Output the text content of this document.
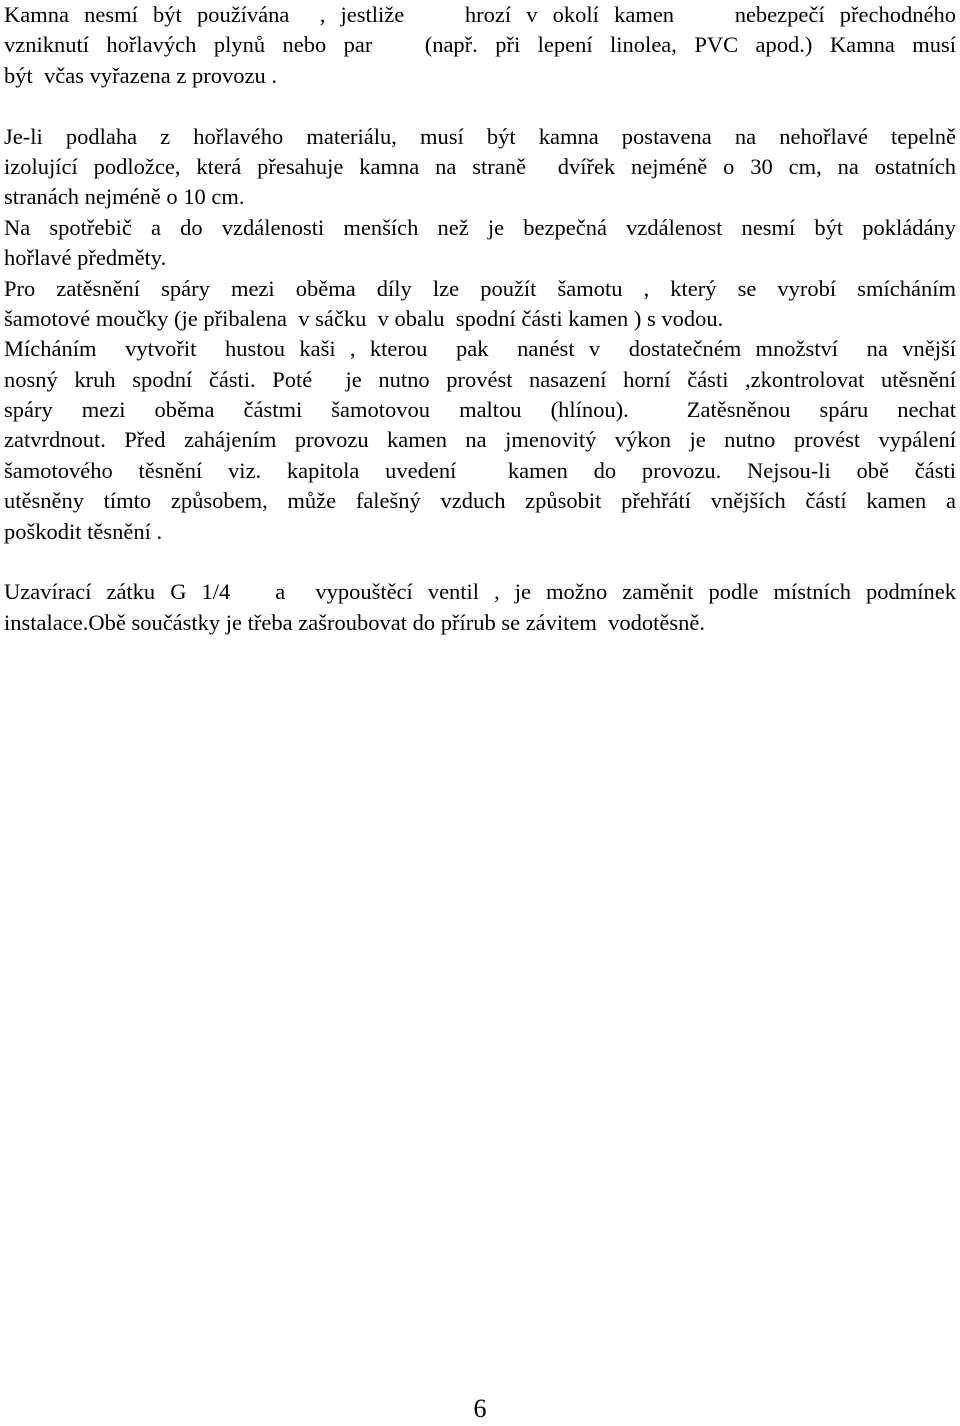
Kamna nesmí být používána  , jestliže    hrozí v okolí kamen    nebezpečí přechodného

vzniknutí hořlavých plynů nebo par   (např. při lepení linolea, PVC apod.) Kamna musí

být  včas vyřazena z provozu .

Je-li podlaha z hořlavého materiálu, musí být kamna postavena na nehořlavé tepelně

izolující podložce, která přesahuje kamna na straně  dvířek nejméně o 30 cm, na ostatních

stranách nejméně o 10 cm.

Na spotřebič a do vzdálenosti menších než je bezpečná vzdálenost nesmí být pokládány

hořlavé předměty.

Pro zatěsnění spáry mezi oběma díly lze použít šamotu , který se vyrobí smícháním

šamotové moučky (je přibalena  v sáčku  v obalu  spodní části kamen ) s vodou.

Mícháním  vytvořit  hustou kaši , kterou  pak  nanést v  dostatečném množství  na vnější

nosný kruh spodní části. Poté  je nutno provést nasazení horní části ,zkontrolovat utěsnění

spáry  mezi  oběma  částmi  šamotovou  maltou  (hlínou).    Zatěsněnou  spáru  nechat

zatvrdnout. Před zahájením provozu kamen na jmenovitý výkon je nutno provést vypálení

šamotového  těsnění  viz.  kapitola  uvedení    kamen  do  provozu.  Nejsou-li  obě  části

utěsněny tímto způsobem, může falešný vzduch způsobit přehřátí vnějších částí kamen a

poškodit těsnění .

Uzavírací zátku G 1/4   a  vypouštěcí ventil , je možno zaměnit podle místních podmínek

instalace.Obě součástky je třeba zašroubovat do přírub se závitem  vodotěsně.

6
